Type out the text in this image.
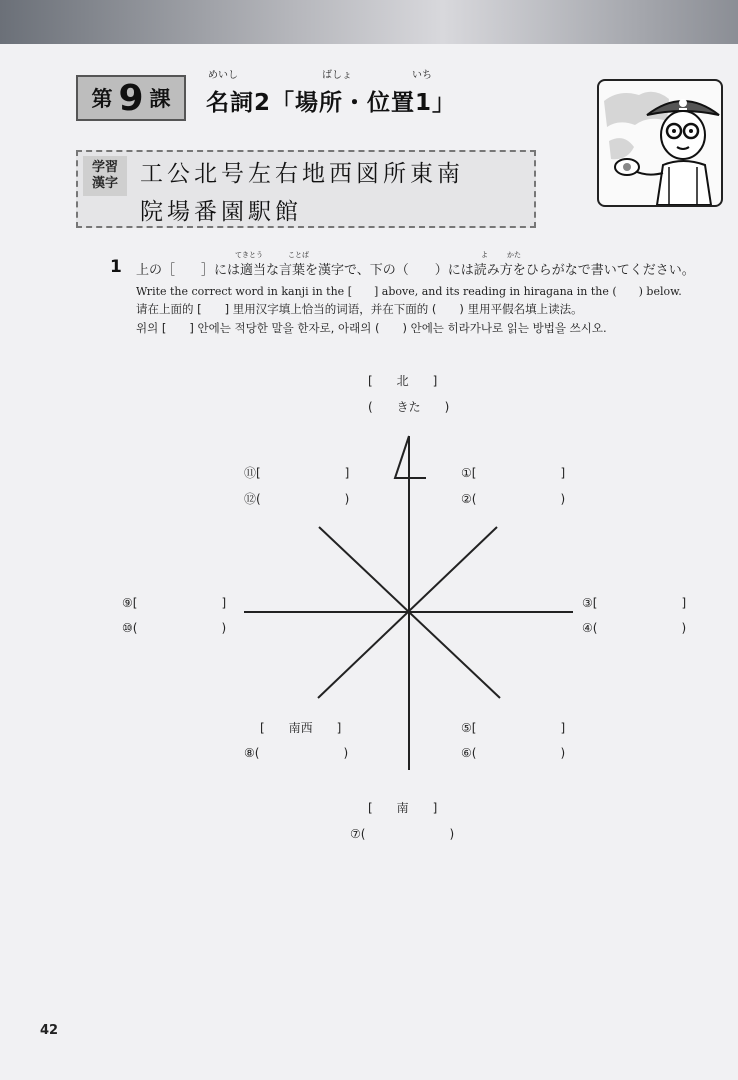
第 9 課
めいし	ばしょ	いち
名詞2「場所・位置1」
学習
漢字 工公北号左右地西図所東南
院場番園駅館
1
てきとう	ことば	よ	かた
上の［　　］には適当な言葉を漢字で、下の（　　）には読み方をひらがなで書いてください。
Write the correct word in kanji in the [　　] above, and its reading in hiragana in the (　　) below.
请在上面的 [　　] 里用汉字填上恰当的词语，并在下面的 (　　) 里用平假名填上读法。
위의 [　　] 안에는 적당한 말을 한자로, 아래의 (　　) 안에는 히라가나로 읽는 방법을 쓰시오.
[　　北　　]
(　　きた　　)
⑪[　　　　　　　]
⑫(　　　　　　　)
①[　　　　　　　]
②(　　　　　　　)
⑨[　　　　　　　]
⑩(　　　　　　　)
③[　　　　　　　]
④(　　　　　　　)
[　　南西　　]
⑧(　　　　　　　)
⑤[　　　　　　　]
⑥(　　　　　　　)
[　　南　　]
⑦(　　　　　　　)
42
